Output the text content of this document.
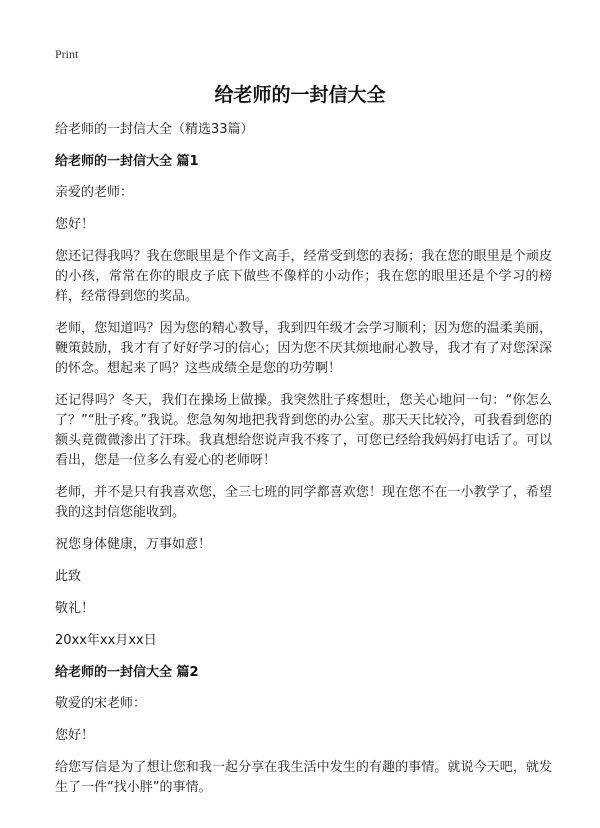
Print
给老师的一封信大全
给老师的一封信大全（精选33篇）
给老师的一封信大全 篇1
亲爱的老师：
您好！
您还记得我吗？我在您眼里是个作文高手，经常受到您的表扬；我在您的眼里是个顽皮的小孩，常常在你的眼皮子底下做些不像样的小动作；我在您的眼里还是个学习的榜样，经常得到您的奖品。
老师，您知道吗？因为您的精心教导，我到四年级才会学习顺利；因为您的温柔美丽，鞭策鼓励，我才有了好好学习的信心；因为您不厌其烦地耐心教导，我才有了对您深深的怀念。想起来了吗？这些成绩全是您的功劳啊！
还记得吗？冬天，我们在操场上做操。我突然肚子疼想吐，您关心地问一句：“你怎么了？”“肚子疼。”我说。您急匆匆地把我背到您的办公室。那天天比较冷，可我看到您的额头竟微微渗出了汗珠。我真想给您说声我不疼了，可您已经给我妈妈打电话了。可以看出，您是一位多么有爱心的老师呀！
老师，并不是只有我喜欢您，全三七班的同学都喜欢您！现在您不在一小教学了，希望我的这封信您能收到。
祝您身体健康，万事如意！
此致
敬礼！
20xx年xx月xx日
给老师的一封信大全 篇2
敬爱的宋老师：
您好！
给您写信是为了想让您和我一起分享在我生活中发生的有趣的事情。就说今天吧，就发生了一件“找小胖”的事情。
